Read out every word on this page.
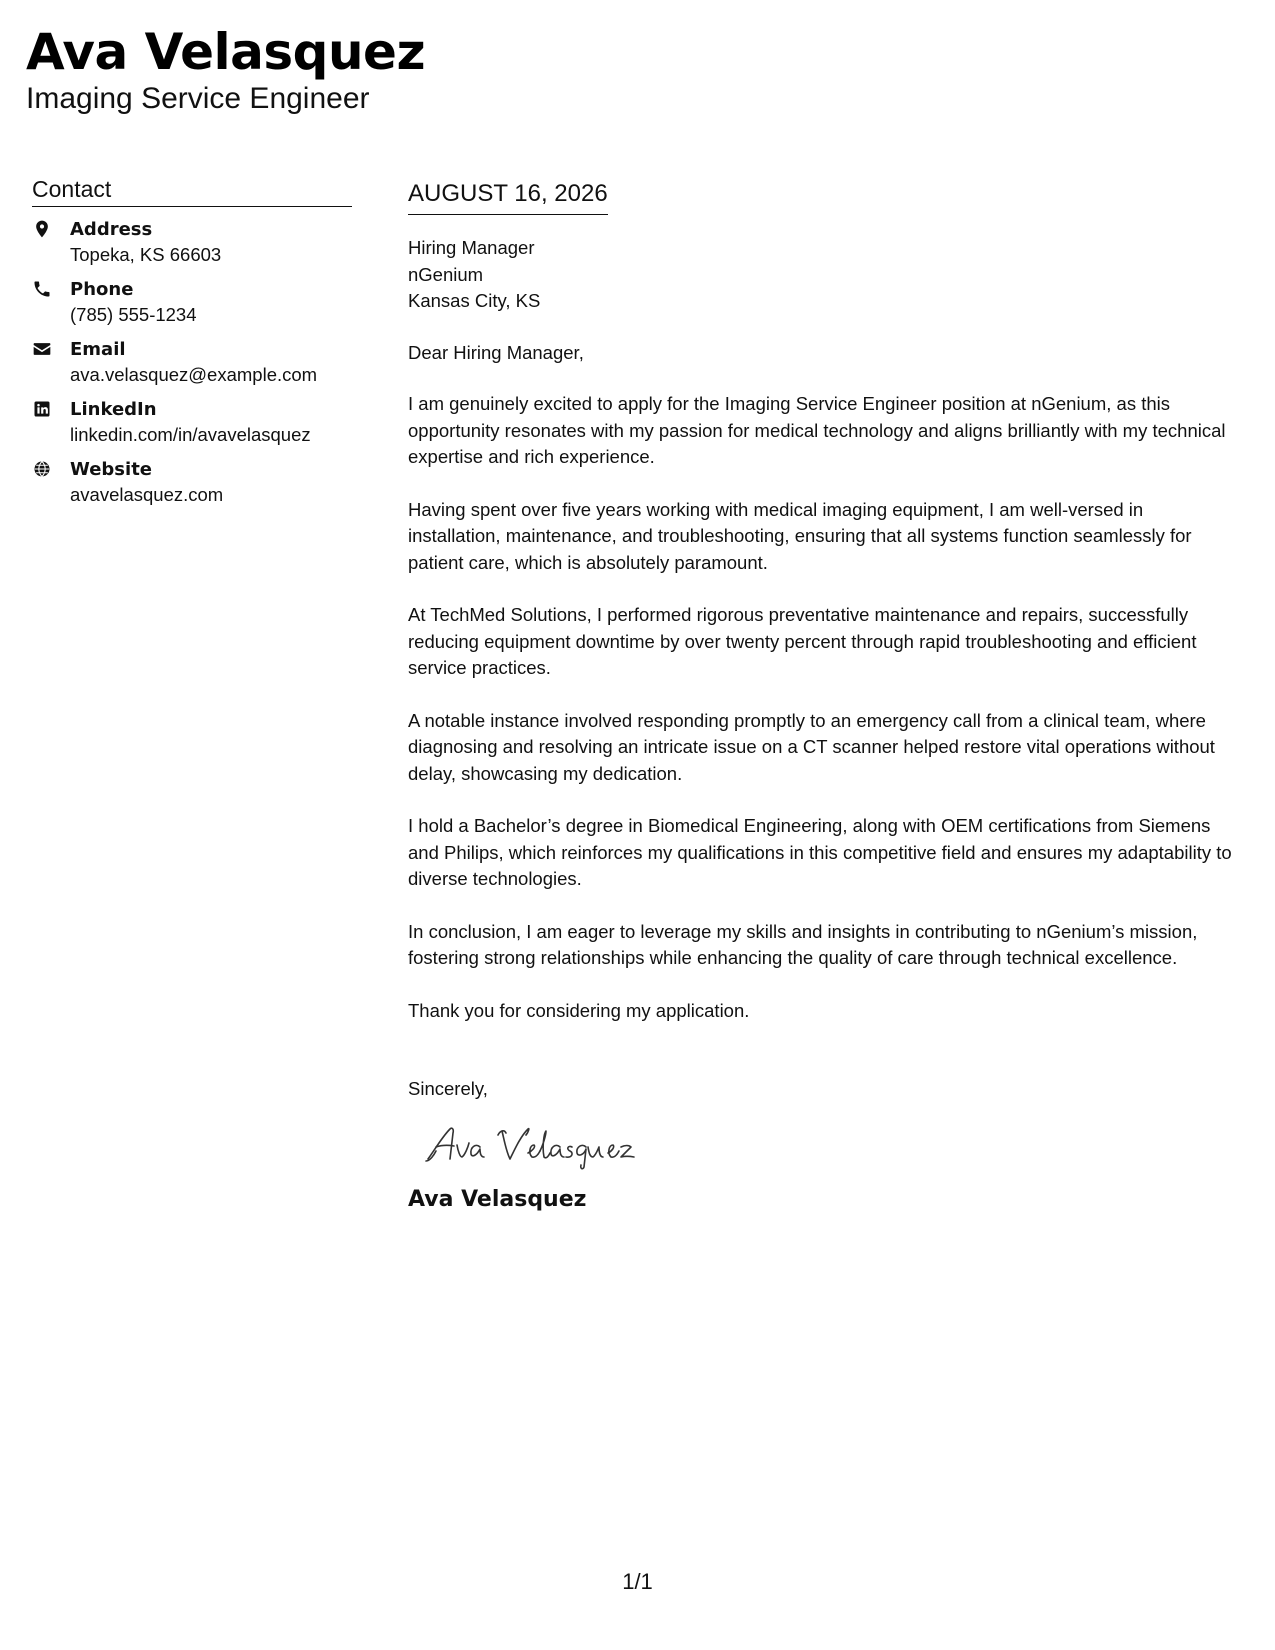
Ava Velasquez
Imaging Service Engineer
Contact
Address
Topeka, KS 66603
Phone
(785) 555-1234
Email
ava.velasquez@example.com
LinkedIn
linkedin.com/in/avavelasquez
Website
avavelasquez.com
AUGUST 16, 2026
Hiring Manager
nGenium
Kansas City, KS
Dear Hiring Manager,

I am genuinely excited to apply for the Imaging Service Engineer position at nGenium, as this opportunity resonates with my passion for medical technology and aligns brilliantly with my technical expertise and rich experience.

Having spent over five years working with medical imaging equipment, I am well-versed in installation, maintenance, and troubleshooting, ensuring that all systems function seamlessly for patient care, which is absolutely paramount.

At TechMed Solutions, I performed rigorous preventative maintenance and repairs, successfully reducing equipment downtime by over twenty percent through rapid troubleshooting and efficient service practices.

A notable instance involved responding promptly to an emergency call from a clinical team, where diagnosing and resolving an intricate issue on a CT scanner helped restore vital operations without delay, showcasing my dedication.

I hold a Bachelor’s degree in Biomedical Engineering, along with OEM certifications from Siemens and Philips, which reinforces my qualifications in this competitive field and ensures my adaptability to diverse technologies.

In conclusion, I am eager to leverage my skills and insights in contributing to nGenium’s mission, fostering strong relationships while enhancing the quality of care through technical excellence.

Thank you for considering my application.

Sincerely,
Ava Velasquez
1/1
